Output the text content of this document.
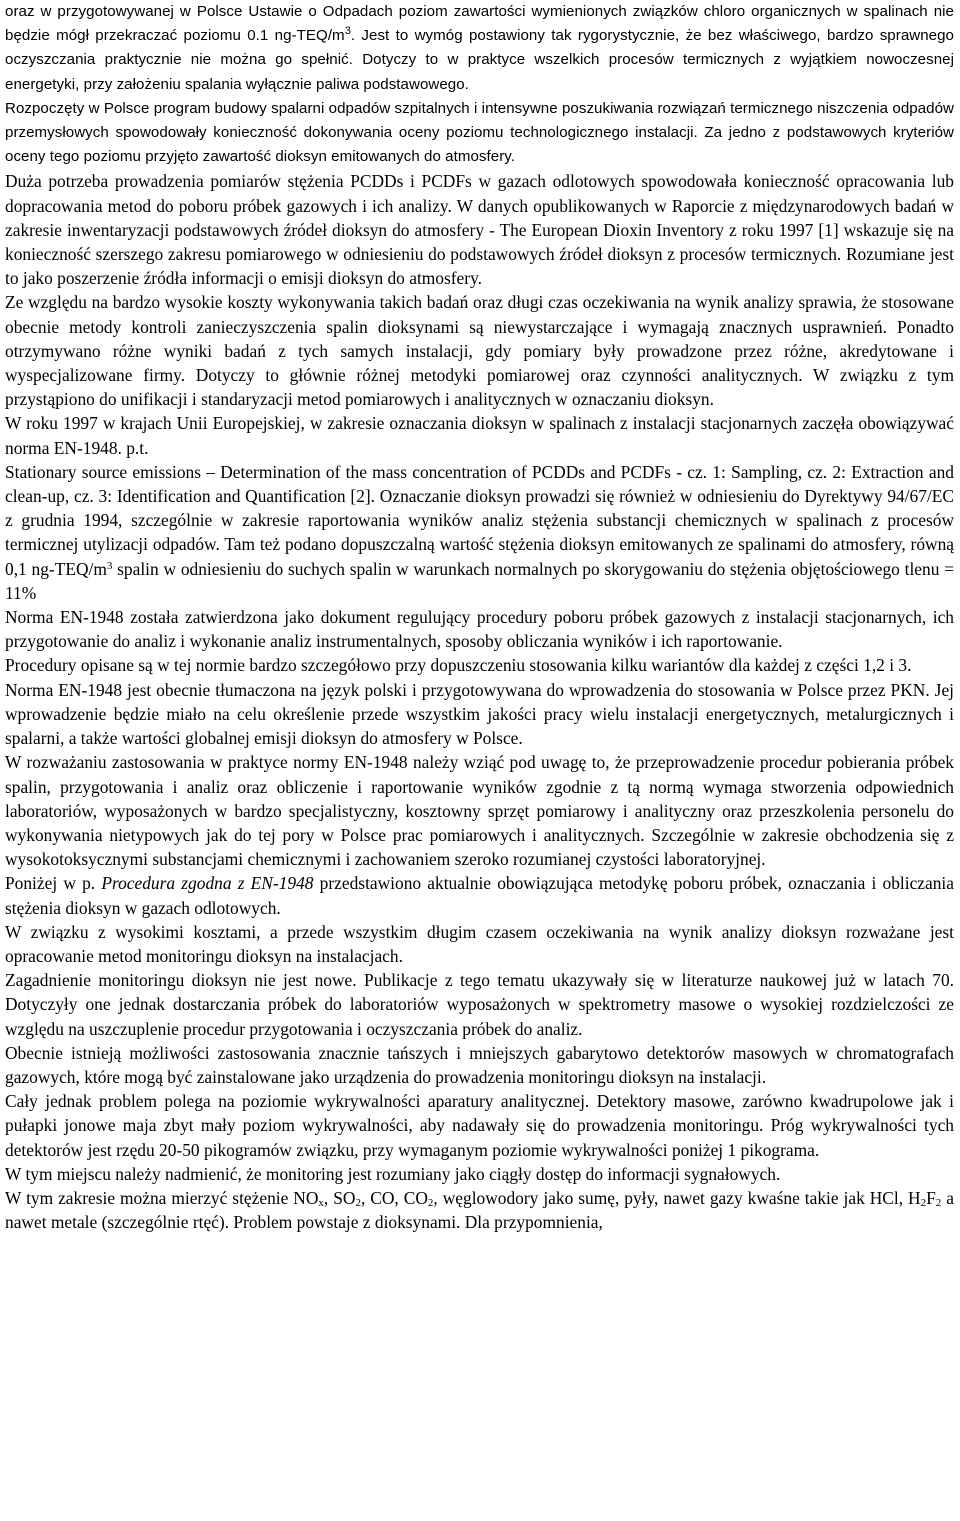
oraz w przygotowywanej w Polsce Ustawie o Odpadach poziom zawartości wymienionych związków chloro organicznych w spalinach nie będzie mógł przekraczać poziomu 0.1 $ng-TEQ/m^3$. Jest to wymóg postawiony tak rygorystycznie, że bez właściwego, bardzo sprawnego oczyszczania praktycznie nie można go spełnić. Dotyczy to w praktyce wszelkich procesów termicznych z wyjątkiem nowoczesnej energetyki, przy założeniu spalania wyłącznie paliwa podstawowego.

Rozpoczęty w Polsce program budowy spalarni odpadów szpitalnych i intensywne poszukiwania rozwiązań termicznego niszczenia odpadów przemysłowych spowodowały konieczność dokonywania oceny poziomu technologicznego instalacji. Za jedno z podstawowych kryteriów oceny tego poziomu przyjęto zawartość dioksyn emitowanych do atmosfery.

Duża potrzeba prowadzenia pomiarów stężenia PCDDs i PCDFs w gazach odlotowych spowodowała konieczność opracowania lub dopracowania metod do poboru próbek gazowych i ich analizy. W danych opublikowanych w Raporcie z międzynarodowych badań w zakresie inwentaryzacji podstawowych źródeł dioksyn do atmosfery - The European Dioxin Inventory z roku 1997 [1] wskazuje się na konieczność szerszego zakresu pomiarowego w odniesieniu do podstawowych źródeł dioksyn z procesów termicznych. Rozumiane jest to jako poszerzenie źródła informacji o emisji dioksyn do atmosfery.

Ze względu na bardzo wysokie koszty wykonywania takich badań oraz długi czas oczekiwania na wynik analizy sprawia, że stosowane obecnie metody kontroli zanieczyszczenia spalin dioksynami są niewystarczające i wymagają znacznych usprawnień. Ponadto otrzymywano różne wyniki badań z tych samych instalacji, gdy pomiary były prowadzone przez różne, akredytowane i wyspecjalizowane firmy. Dotyczy to głównie różnej metodyki pomiarowej oraz czynności analitycznych. W związku z tym przystąpiono do unifikacji i standaryzacji metod pomiarowych i analitycznych w oznaczaniu dioksyn.

W roku 1997 w krajach Unii Europejskiej, w zakresie oznaczania dioksyn w spalinach z instalacji stacjonarnych zaczęła obowiązywać norma EN-1948. p.t.

Stationary source emissions – Determination of the mass concentration of PCDDs and PCDFs - cz. 1: Sampling, cz. 2: Extraction and clean-up, cz. 3: Identification and Quantification [2]. Oznaczanie dioksyn prowadzi się również w odniesieniu do Dyrektywy 94/67/EC z grudnia 1994, szczególnie w zakresie raportowania wyników analiz stężenia substancji chemicznych w spalinach z procesów termicznej utylizacji odpadów. Tam też podano dopuszczalną wartość stężenia dioksyn emitowanych ze spalinami do atmosfery, równą 0,1 $ng-TEQ/m^3$ spalin w odniesieniu do suchych spalin w warunkach normalnych po skorygowaniu do stężenia objętościowego tlenu = 11%

Norma EN-1948 została zatwierdzona jako dokument regulujący procedury poboru próbek gazowych z instalacji stacjonarnych, ich przygotowanie do analiz i wykonanie analiz instrumentalnych, sposoby obliczania wyników i ich raportowanie.

Procedury opisane są w tej normie bardzo szczegółowo przy dopuszczeniu stosowania kilku wariantów dla każdej z części 1,2 i 3.

Norma EN-1948 jest obecnie tłumaczona na język polski i przygotowywana do wprowadzenia do stosowania w Polsce przez PKN. Jej wprowadzenie będzie miało na celu określenie przede wszystkim jakości pracy wielu instalacji energetycznych, metalurgicznych i spalarni, a także wartości globalnej emisji dioksyn do atmosfery w Polsce.

W rozważaniu zastosowania w praktyce normy EN-1948 należy wziąć pod uwagę to, że przeprowadzenie procedur pobierania próbek spalin, przygotowania i analiz oraz obliczenie i raportowanie wyników zgodnie z tą normą wymaga stworzenia odpowiednich laboratoriów, wyposażonych w bardzo specjalistyczny, kosztowny sprzęt pomiarowy i analityczny oraz przeszkolenia personelu do wykonywania nietypowych jak do tej pory w Polsce prac pomiarowych i analitycznych. Szczególnie w zakresie obchodzenia się z wysokotoksycznymi substancjami chemicznymi i zachowaniem szeroko rozumianej czystości laboratoryjnej.

Poniżej w p. Procedura zgodna z EN-1948 przedstawiono aktualnie obowiązująca metodykę poboru próbek, oznaczania i obliczania stężenia dioksyn w gazach odlotowych.

W związku z wysokimi kosztami, a przede wszystkim długim czasem oczekiwania na wynik analizy dioksyn rozważane jest opracowanie metod monitoringu dioksyn na instalacjach.

Zagadnienie monitoringu dioksyn nie jest nowe. Publikacje z tego tematu ukazywały się w literaturze naukowej już w latach 70. Dotyczyły one jednak dostarczania próbek do laboratoriów wyposażonych w spektrometry masowe o wysokiej rozdzielczości ze względu na uszczuplenie procedur przygotowania i oczyszczania próbek do analiz.

Obecnie istnieją możliwości zastosowania znacznie tańszych i mniejszych gabarytowo detektorów masowych w chromatografach gazowych, które mogą być zainstalowane jako urządzenia do prowadzenia monitoringu dioksyn na instalacji.

Cały jednak problem polega na poziomie wykrywalności aparatury analitycznej. Detektory masowe, zarówno kwadrupolowe jak i pułapki jonowe maja zbyt mały poziom wykrywalności, aby nadawały się do prowadzenia monitoringu. Próg wykrywalności tych detektorów jest rzędu 20-50 pikogramów związku, przy wymaganym poziomie wykrywalności poniżej 1 pikograma.

W tym miejscu należy nadmienić, że monitoring jest rozumiany jako ciągły dostęp do informacji sygnałowych.

W tym zakresie można mierzyć stężenie $NO_x$, $SO_2$, CO, $CO_2$, węglowodory jako sumę, pyły, nawet gazy kwaśne takie jak HCl, $H_2F_2$ a nawet metale (szczególnie rtęć). Problem powstaje z dioksynami. Dla przypomnienia,
